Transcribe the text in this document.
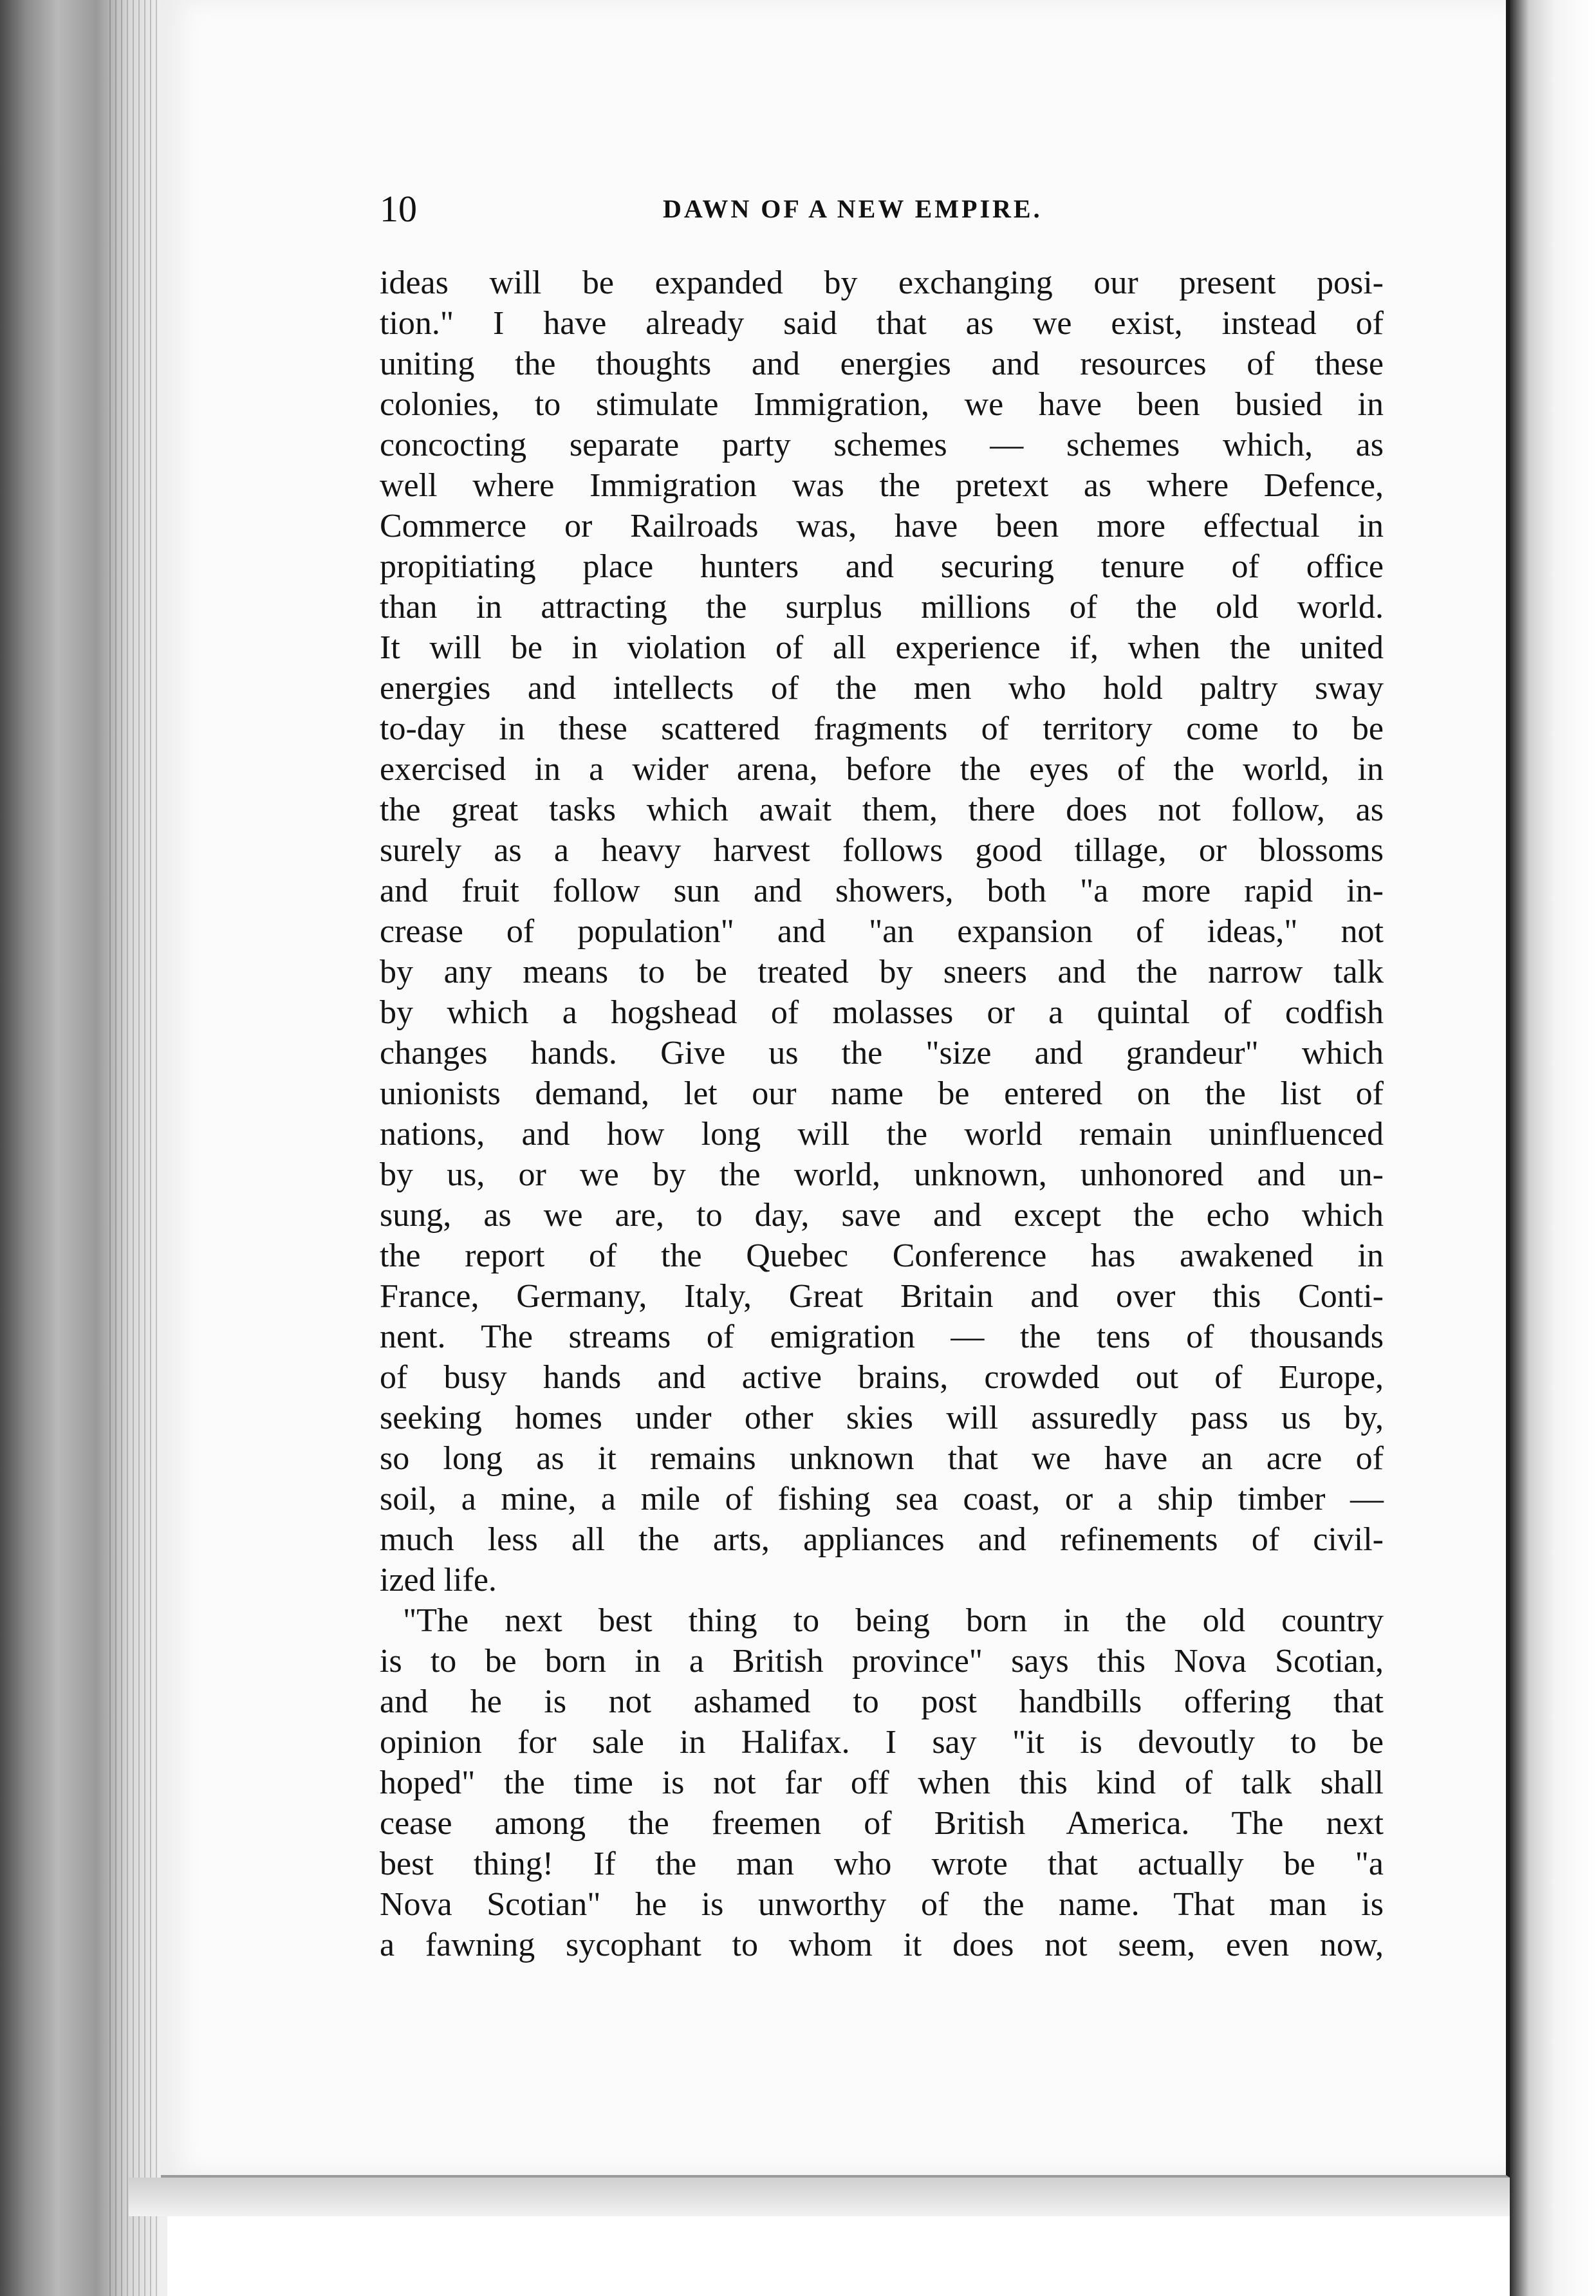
10	DAWN OF A NEW EMPIRE.
ideas will be expanded by exchanging our present posi-
tion." I have already said that as we exist, instead of
uniting the thoughts and energies and resources of these
colonies, to stimulate Immigration, we have been busied in
concocting separate party schemes — schemes which, as
well where Immigration was the pretext as where Defence,
Commerce or Railroads was, have been more effectual in
propitiating place hunters and securing tenure of office
than in attracting the surplus millions of the old world.
It will be in violation of all experience if, when the united
energies and intellects of the men who hold paltry sway
to-day in these scattered fragments of territory come to be
exercised in a wider arena, before the eyes of the world, in
the great tasks which await them, there does not follow, as
surely as a heavy harvest follows good tillage, or blossoms
and fruit follow sun and showers, both "a more rapid in-
crease of population" and "an expansion of ideas," not
by any means to be treated by sneers and the narrow talk
by which a hogshead of molasses or a quintal of codfish
changes hands. Give us the "size and grandeur" which
unionists demand, let our name be entered on the list of
nations, and how long will the world remain uninfluenced
by us, or we by the world, unknown, unhonored and un-
sung, as we are, to day, save and except the echo which
the report of the Quebec Conference has awakened in
France, Germany, Italy, Great Britain and over this Conti-
nent. The streams of emigration — the tens of thousands
of busy hands and active brains, crowded out of Europe,
seeking homes under other skies will assuredly pass us by,
so long as it remains unknown that we have an acre of
soil, a mine, a mile of fishing sea coast, or a ship timber —
much less all the arts, appliances and refinements of civil-
ized life.
"The next best thing to being born in the old country
is to be born in a British province" says this Nova Scotian,
and he is not ashamed to post handbills offering that
opinion for sale in Halifax. I say "it is devoutly to be
hoped" the time is not far off when this kind of talk shall
cease among the freemen of British America. The next
best thing! If the man who wrote that actually be "a
Nova Scotian" he is unworthy of the name. That man is
a fawning sycophant to whom it does not seem, even now,
